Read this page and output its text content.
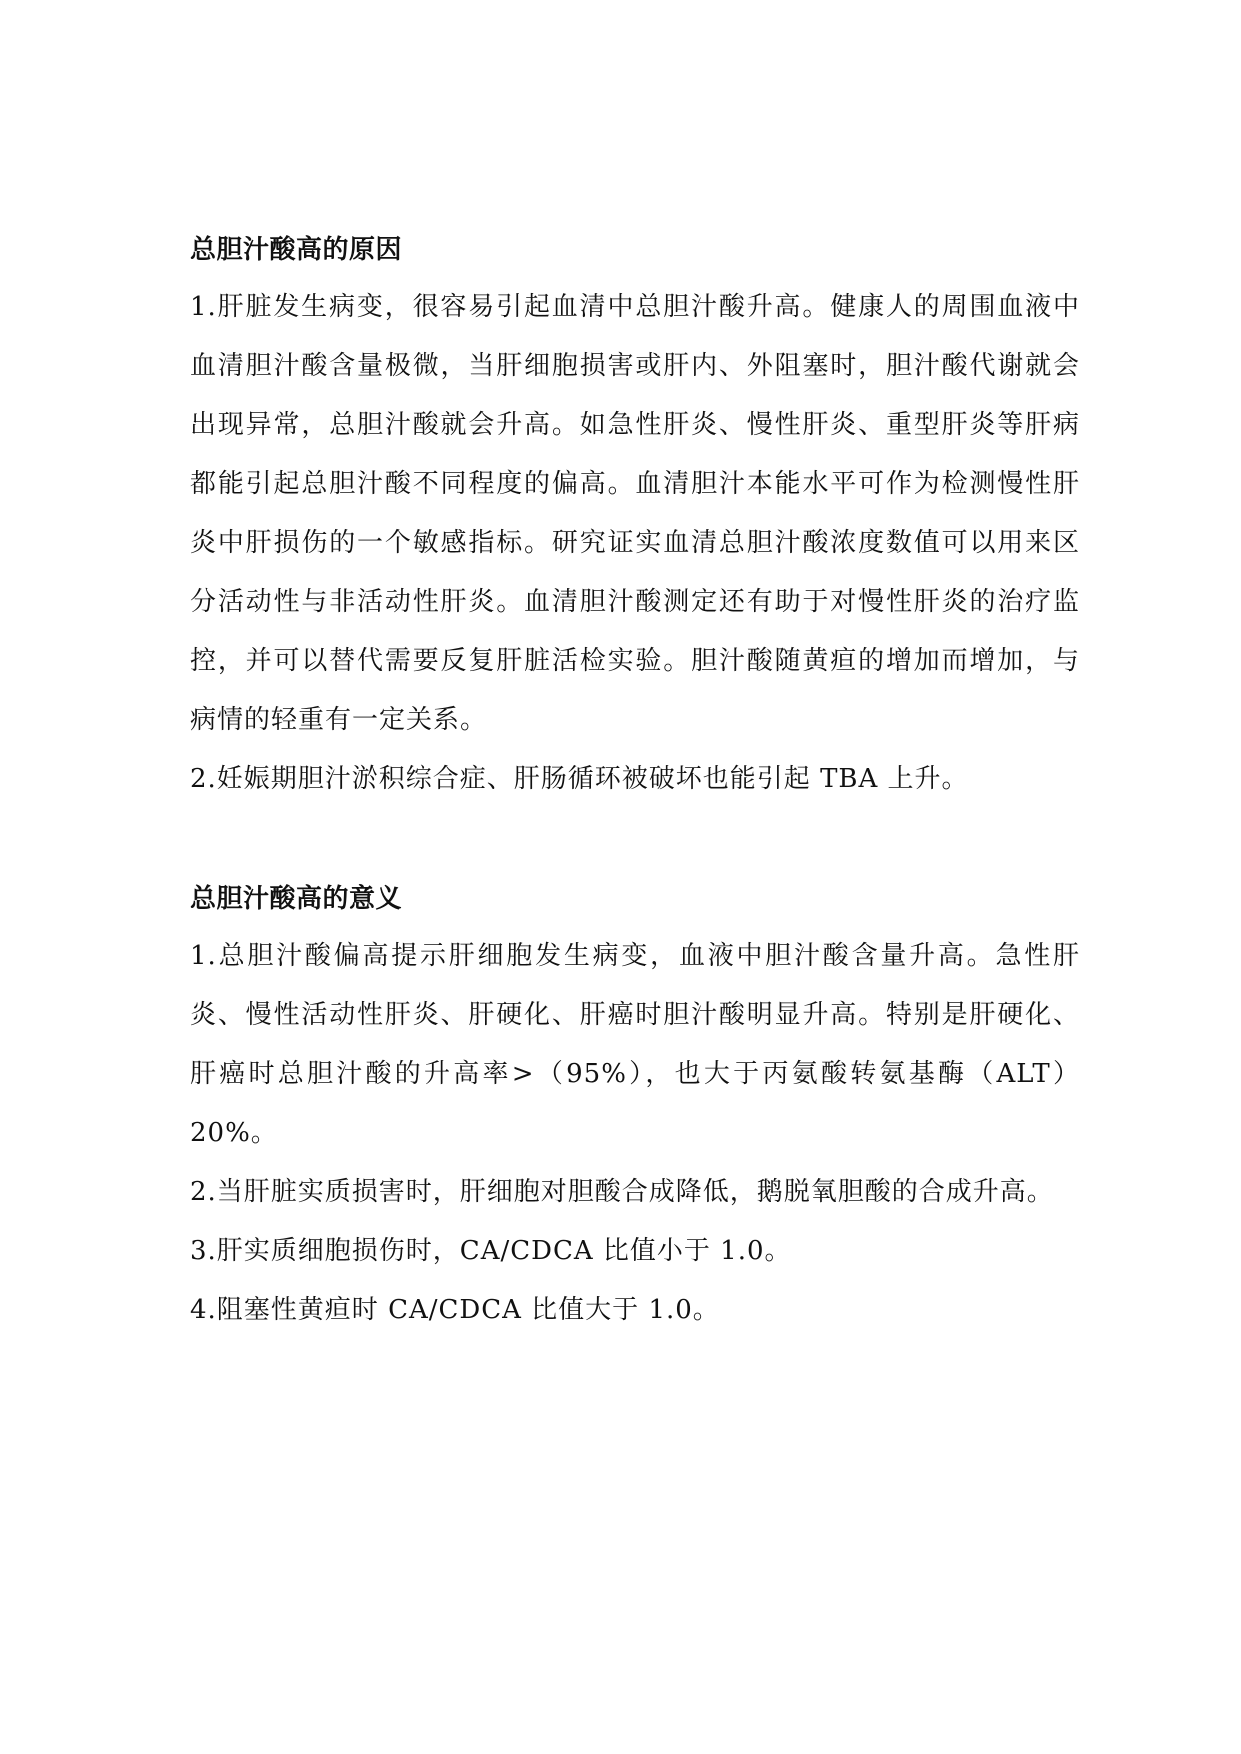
总胆汁酸高的原因

1.肝脏发生病变，很容易引起血清中总胆汁酸升高。健康人的周围血液中血清胆汁酸含量极微，当肝细胞损害或肝内、外阻塞时，胆汁酸代谢就会出现异常，总胆汁酸就会升高。如急性肝炎、慢性肝炎、重型肝炎等肝病都能引起总胆汁酸不同程度的偏高。血清胆汁本能水平可作为检测慢性肝炎中肝损伤的一个敏感指标。研究证实血清总胆汁酸浓度数值可以用来区分活动性与非活动性肝炎。血清胆汁酸测定还有助于对慢性肝炎的治疗监控，并可以替代需要反复肝脏活检实验。胆汁酸随黄疸的增加而增加，与病情的轻重有一定关系。

2.妊娠期胆汁淤积综合症、肝肠循环被破坏也能引起 TBA 上升。

总胆汁酸高的意义

1.总胆汁酸偏高提示肝细胞发生病变，血液中胆汁酸含量升高。急性肝炎、慢性活动性肝炎、肝硬化、肝癌时胆汁酸明显升高。特别是肝硬化、肝癌时总胆汁酸的升高率>（95%），也大于丙氨酸转氨基酶（ALT）20%。

2.当肝脏实质损害时，肝细胞对胆酸合成降低，鹅脱氧胆酸的合成升高。

3.肝实质细胞损伤时，CA/CDCA 比值小于 1.0。

4.阻塞性黄疸时 CA/CDCA 比值大于 1.0。
